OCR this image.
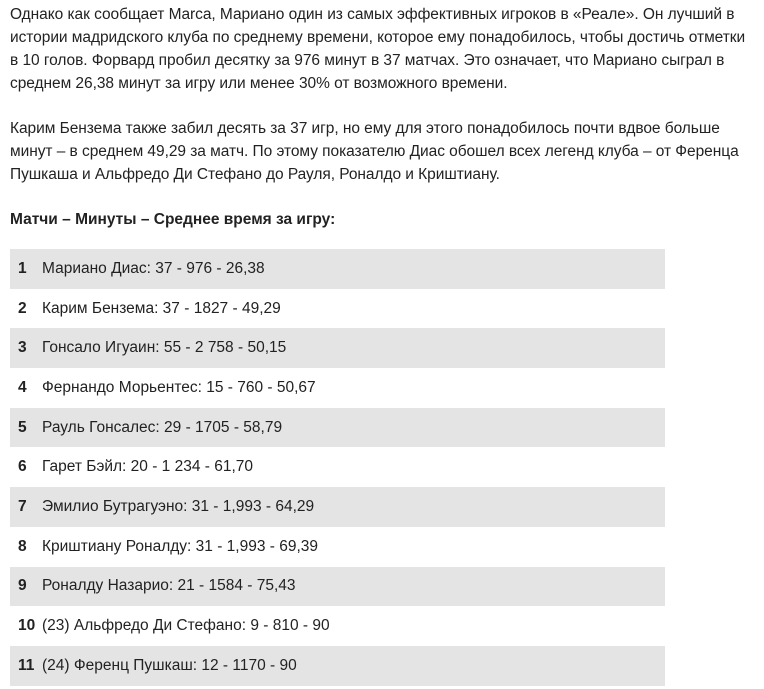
Однако как сообщает Marca, Мариано один из самых эффективных игроков в «Реале». Он лучший в истории мадридского клуба по среднему времени, которое ему понадобилось, чтобы достичь отметки в 10 голов. Форвард пробил десятку за 976 минут в 37 матчах. Это означает, что Мариано сыграл в среднем 26,38 минут за игру или менее 30% от возможного времени.

Карим Бензема также забил десять за 37 игр, но ему для этого понадобилось почти вдвое больше минут – в среднем 49,29 за матч. По этому показателю Диас обошел всех легенд клуба – от Ференца Пушкаша и Альфредо Ди Стефано до Рауля, Роналдо и Криштиану.

Матчи – Минуты – Среднее время за игру:
1 Мариано Диас: 37 - 976 - 26,38
2 Карим Бензема: 37 - 1827 - 49,29
3 Гонсало Игуаин: 55 - 2 758 - 50,15
4 Фернандо Морьентес: 15 - 760 - 50,67
5 Рауль Гонсалес: 29 - 1705 - 58,79
6 Гарет Бэйл: 20 - 1 234 - 61,70
7 Эмилио Бутрагуэно: 31 - 1,993 - 64,29
8 Криштиану Роналду: 31 - 1,993 - 69,39
9 Роналду Назарио: 21 - 1584 - 75,43
10 (23) Альфредо Ди Стефано: 9 - 810 - 90
11 (24) Ференц Пушкаш: 12 - 1170 - 90
